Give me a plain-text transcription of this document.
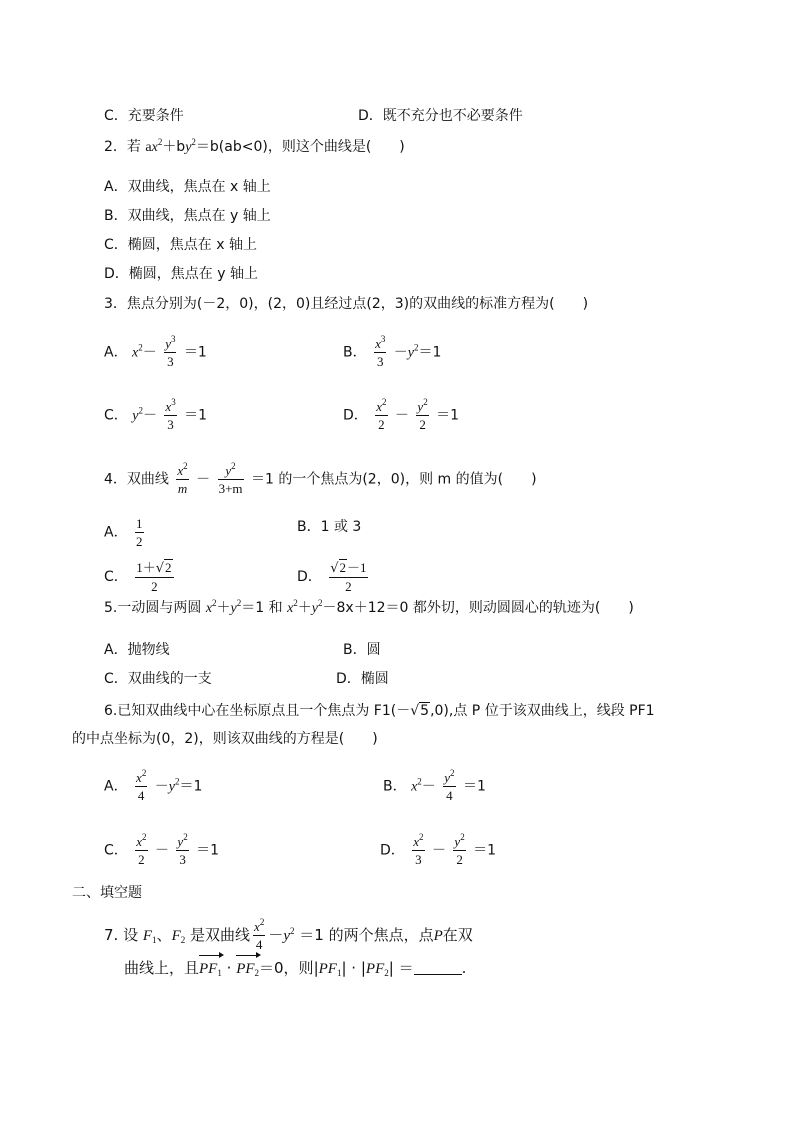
C．充要条件	D．既不充分也不必要条件
2．若 $ax^2+by^2=b(ab<0)$，则这个曲线是(　　)
A．双曲线，焦点在 x 轴上
B．双曲线，焦点在 y 轴上
C．椭圆，焦点在 x 轴上
D．椭圆，焦点在 y 轴上
3．焦点分别为(－2，0)，(2，0)且经过点(2，3)的双曲线的标准方程为(　　)
A． $x^2- \frac{y^3}{3} =1$	B． $\frac{x^3}{3} -y^2=1$
C． $y^2- \frac{x^3}{3} =1$	D． $\frac{x^2}{2} - \frac{y^2}{2} =1$
4．双曲线 $\frac{x^2}{m} - \frac{y^2}{3+m} =1$ 的一个焦点为(2，0)，则 m 的值为(　　)
A． $\frac{1}{2}$	B．1 或 3
C． $\frac{1+√2}{2}$	D． $\frac{√2-1}{2}$
5.一动圆与两圆 $x^2+y^2=1$ 和 $x^2+y^2-8x+12=0$ 都外切，则动圆圆心的轨迹为(　　)
A．抛物线	B．圆
C．双曲线的一支	D．椭圆
6.已知双曲线中心在坐标原点且一个焦点为 F1(－√5,0),点 P 位于该双曲线上，线段 PF1
的中点坐标为(0，2)，则该双曲线的方程是(　　)
A． $\frac{x^2}{4} -y^2=1$	B． $x^2- \frac{y^2}{4} =1$
C． $\frac{x^2}{2} - \frac{y^2}{3} =1$	D． $\frac{x^2}{3} - \frac{y^2}{2} =1$
二、填空题
7. 设 $F_1$、$F_2$ 是双曲线 $\frac{x^2}{4} -y^2 =1$ 的两个焦点，点P在双
曲线上，且$PF_1 \cdot PF_2=0$，则$|PF_1| \cdot |PF_2|$ ＝	.
